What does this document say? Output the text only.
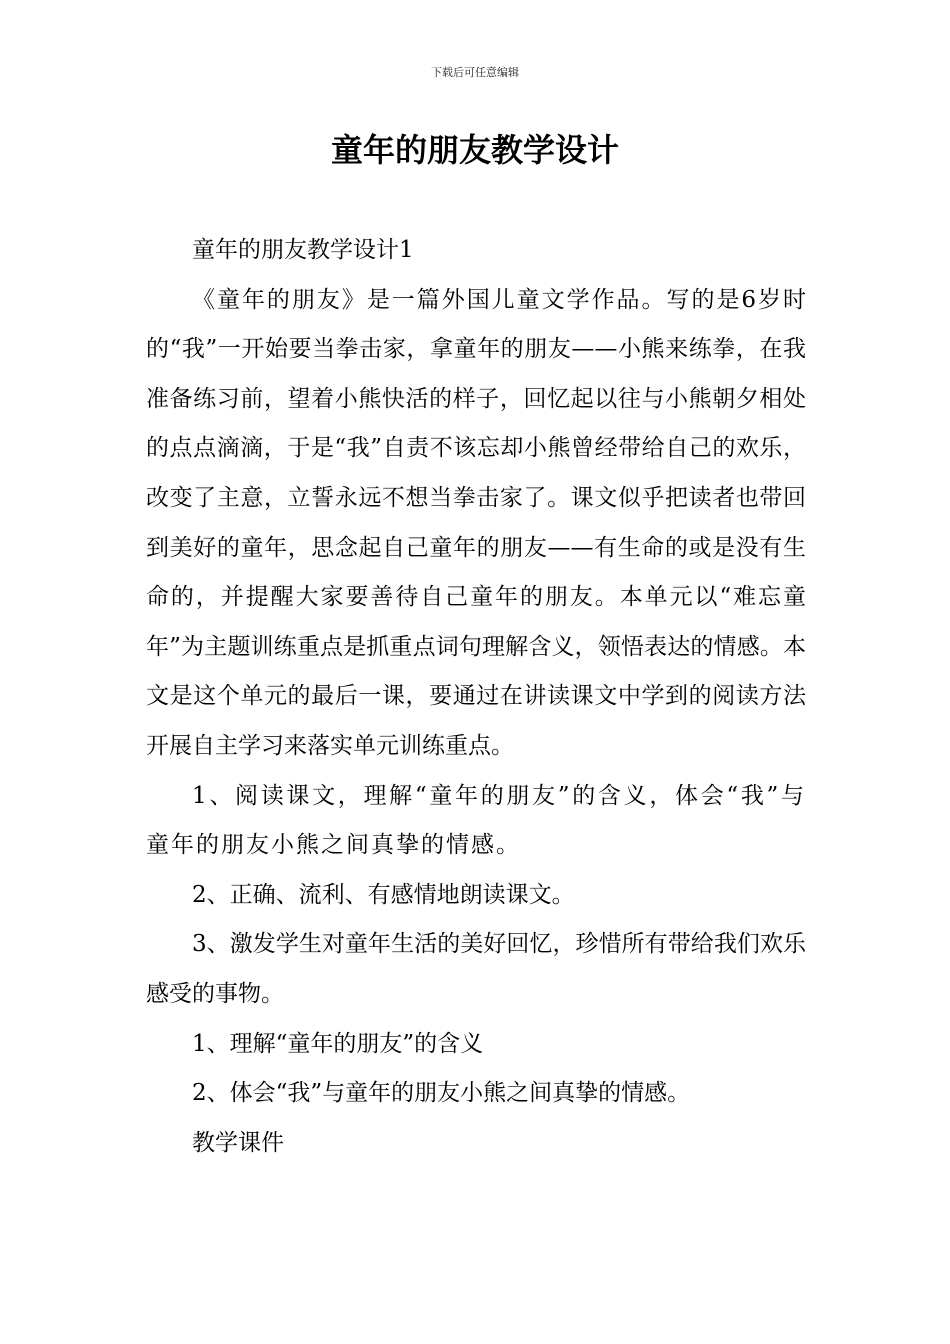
下载后可任意编辑
童年的朋友教学设计

童年的朋友教学设计1

《童年的朋友》是一篇外国儿童文学作品。写的是6岁时的“我”一开始要当拳击家，拿童年的朋友——小熊来练拳，在我准备练习前，望着小熊快活的样子，回忆起以往与小熊朝夕相处的点点滴滴，于是“我”自责不该忘却小熊曾经带给自己的欢乐，改变了主意，立誓永远不想当拳击家了。课文似乎把读者也带回到美好的童年，思念起自己童年的朋友——有生命的或是没有生命的，并提醒大家要善待自己童年的朋友。本单元以“难忘童年”为主题训练重点是抓重点词句理解含义，领悟表达的情感。本文是这个单元的最后一课，要通过在讲读课文中学到的阅读方法开展自主学习来落实单元训练重点。

1、阅读课文，理解“童年的朋友”的含义，体会“我”与童年的朋友小熊之间真挚的情感。

2、正确、流利、有感情地朗读课文。

3、激发学生对童年生活的美好回忆，珍惜所有带给我们欢乐感受的事物。

1、理解“童年的朋友”的含义

2、体会“我”与童年的朋友小熊之间真挚的情感。

教学课件
